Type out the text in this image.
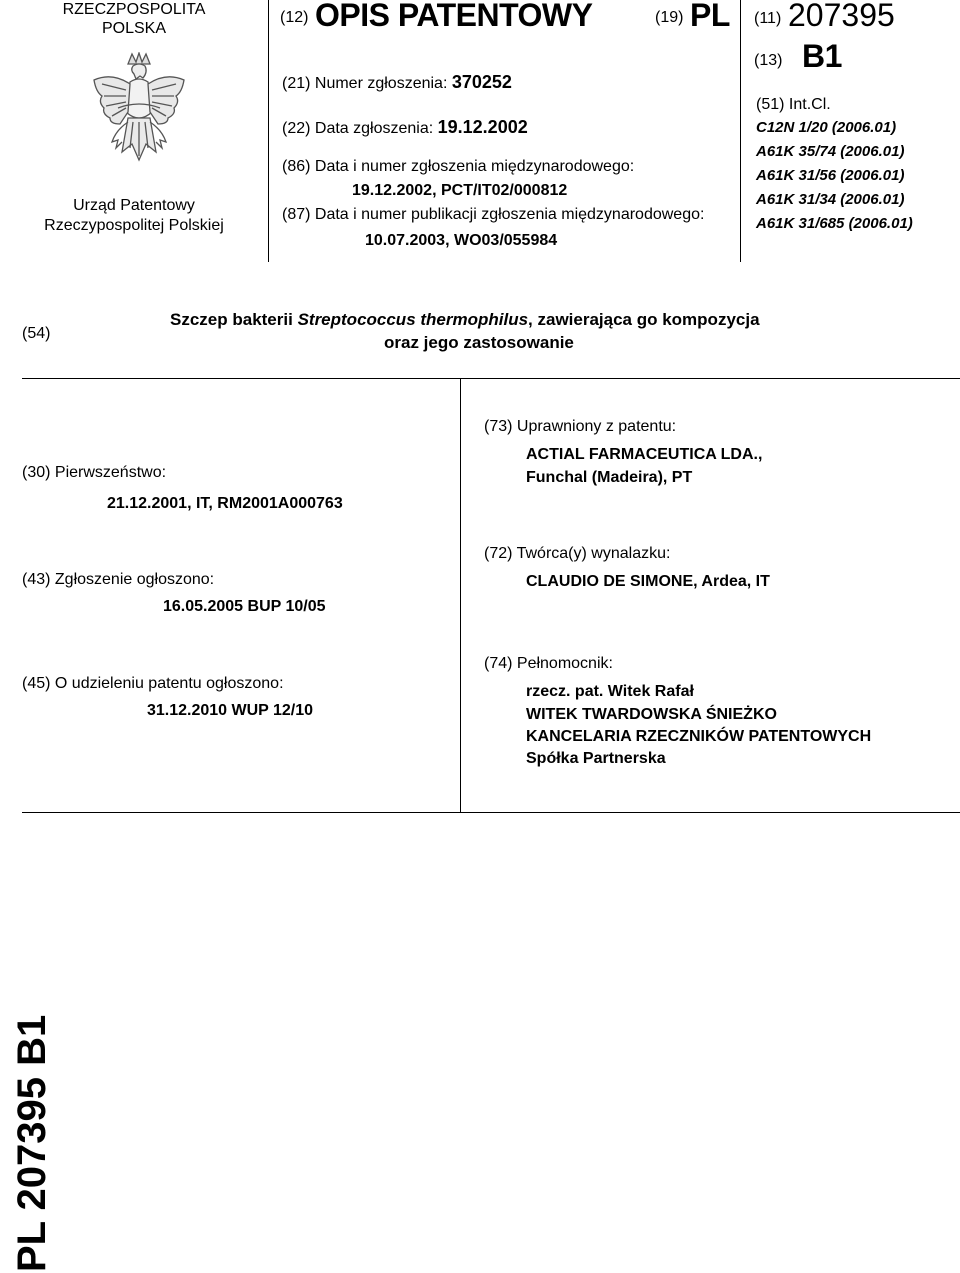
RZECZPOSPOLITA
POLSKA
Urząd Patentowy
Rzeczypospolitej Polskiej
(12) OPIS PATENTOWY	(19) PL
(21) Numer zgłoszenia: 370252
(22) Data zgłoszenia: 19.12.2002
(86) Data i numer zgłoszenia międzynarodowego:
19.12.2002, PCT/IT02/000812
(87) Data i numer publikacji zgłoszenia międzynarodowego:
10.07.2003, WO03/055984
(11) 207395
(13) B1
(51) Int.Cl.
C12N 1/20 (2006.01)
A61K 35/74 (2006.01)
A61K 31/56 (2006.01)
A61K 31/34 (2006.01)
A61K 31/685 (2006.01)
(54)
Szczep bakterii Streptococcus thermophilus, zawierająca go kompozycja
oraz jego zastosowanie
(30) Pierwszeństwo:
21.12.2001, IT, RM2001A000763
(43) Zgłoszenie ogłoszono:
16.05.2005 BUP 10/05
(45) O udzieleniu patentu ogłoszono:
31.12.2010 WUP 12/10
(73) Uprawniony z patentu:
ACTIAL FARMACEUTICA LDA.,
Funchal (Madeira), PT
(72) Twórca(y) wynalazku:
CLAUDIO DE SIMONE, Ardea, IT
(74) Pełnomocnik:
rzecz. pat. Witek Rafał
WITEK TWARDOWSKA ŚNIEŻKO
KANCELARIA RZECZNIKÓW PATENTOWYCH
Spółka Partnerska
PL 207395 B1
